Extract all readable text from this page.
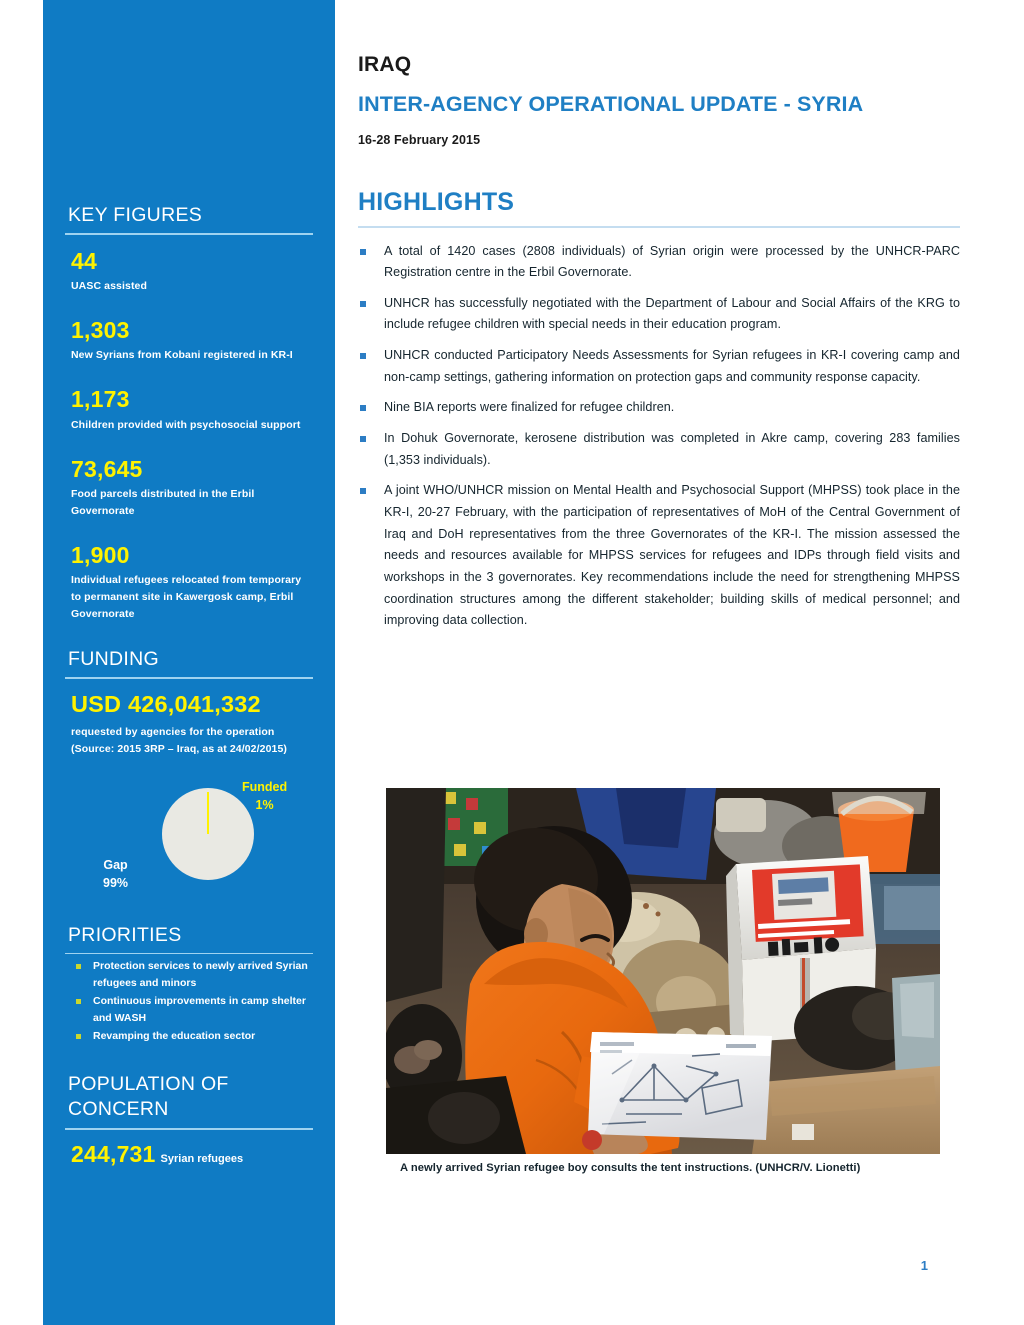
KEY FIGURES
44
UASC assisted
1,303
New Syrians from Kobani registered in KR-I
1,173
Children provided with psychosocial support
73,645
Food parcels distributed in the Erbil Governorate
1,900
Individual refugees relocated from temporary to permanent site in Kawergosk camp, Erbil Governorate
FUNDING
USD 426,041,332
requested by agencies for the operation (Source: 2015 3RP – Iraq, as at 24/02/2015)
Funded
1%
Gap
99%
PRIORITIES
Protection services to newly arrived Syrian refugees and minors
Continuous improvements in camp shelter and WASH
Revamping the education sector
POPULATION OF CONCERN
244,731 Syrian refugees
IRAQ
INTER-AGENCY OPERATIONAL UPDATE - SYRIA
16-28 February 2015
HIGHLIGHTS
A total of 1420 cases (2808 individuals) of Syrian origin were processed by the UNHCR-PARC Registration centre in the Erbil Governorate.
UNHCR has successfully negotiated with the Department of Labour and Social Affairs of the KRG to include refugee children with special needs in their education program.
UNHCR conducted Participatory Needs Assessments for Syrian refugees in KR-I covering camp and non-camp settings, gathering information on protection gaps and community response capacity.
Nine BIA reports were finalized for refugee children.
In Dohuk Governorate, kerosene distribution was completed in Akre camp, covering 283 families (1,353 individuals).
A joint WHO/UNHCR mission on Mental Health and Psychosocial Support (MHPSS) took place in the KR-I, 20-27 February, with the participation of representatives of MoH of the Central Government of Iraq and DoH representatives from the three Governorates of the KR-I. The mission assessed the needs and resources available for MHPSS services for refugees and IDPs through field visits and workshops in the 3 governorates. Key recommendations include the need for strengthening MHPSS coordination structures among the different stakeholder; building skills of medical personnel; and improving data collection.
A newly arrived Syrian refugee boy consults the tent instructions. (UNHCR/V. Lionetti)
1
